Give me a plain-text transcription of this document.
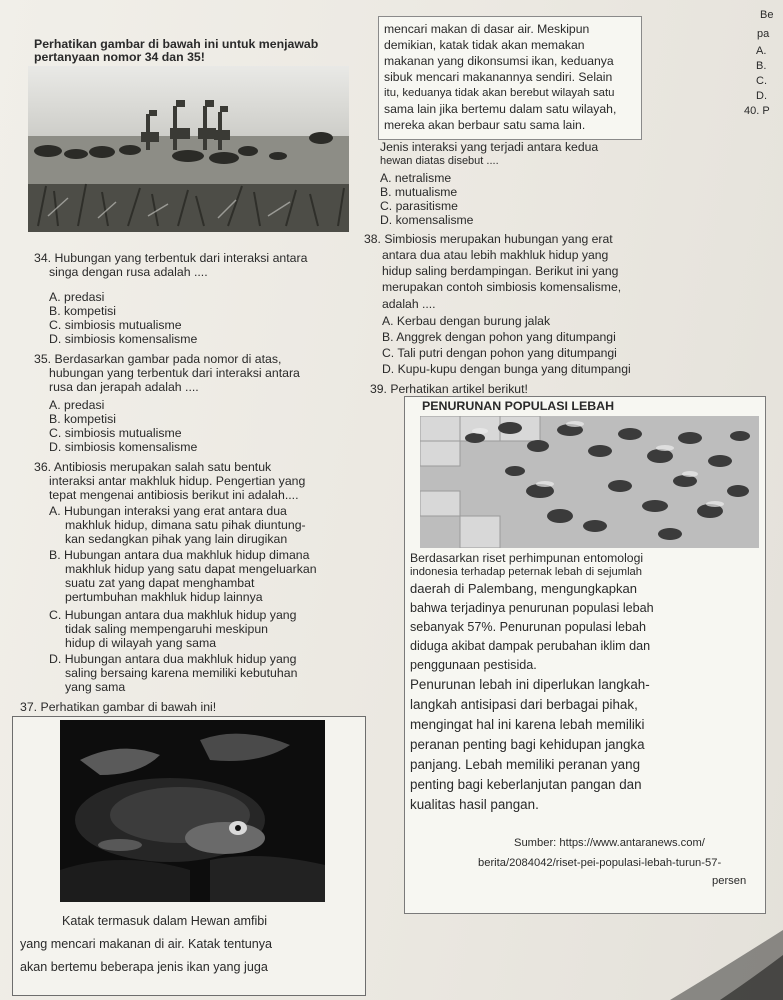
Perhatikan gambar di bawah ini untuk menjawab
pertanyaan nomor 34 dan 35!
34. Hubungan yang terbentuk dari interaksi antara
singa dengan rusa adalah ....
A. predasi
B. kompetisi
C. simbiosis mutualisme
D. simbiosis komensalisme
35. Berdasarkan gambar pada nomor di atas,
hubungan yang terbentuk dari interaksi antara
rusa dan jerapah adalah ....
A. predasi
B. kompetisi
C. simbiosis mutualisme
D. simbiosis komensalisme
36. Antibiosis merupakan salah satu bentuk
interaksi antar makhluk hidup. Pengertian yang
tepat mengenai antibiosis berikut ini adalah....
A. Hubungan interaksi yang erat antara dua
makhluk hidup, dimana satu pihak diuntung-
kan sedangkan pihak yang lain dirugikan
B. Hubungan antara dua makhluk hidup dimana
makhluk hidup yang satu dapat mengeluarkan
suatu zat yang dapat menghambat
pertumbuhan makhluk hidup lainnya
C. Hubungan antara dua makhluk hidup yang
tidak saling mempengaruhi meskipun
hidup di wilayah yang sama
D. Hubungan antara dua makhluk hidup yang
saling bersaing karena memiliki kebutuhan
yang sama
37. Perhatikan gambar di bawah ini!
Katak termasuk dalam Hewan amfibi
yang mencari makanan di air. Katak tentunya
akan bertemu beberapa jenis ikan yang juga
mencari makan di dasar air. Meskipun
demikian, katak tidak akan memakan
makanan yang dikonsumsi ikan, keduanya
sibuk mencari makanannya sendiri. Selain
itu, keduanya tidak akan berebut wilayah satu
sama lain jika bertemu dalam satu wilayah,
mereka akan berbaur satu sama lain.
Jenis interaksi yang terjadi antara kedua
hewan diatas disebut ....
A. netralisme
B. mutualisme
C. parasitisme
D. komensalisme
38. Simbiosis merupakan hubungan yang erat
antara dua atau lebih makhluk hidup yang
hidup saling berdampingan. Berikut ini yang
merupakan contoh simbiosis komensalisme,
adalah ....
A. Kerbau dengan burung jalak
B. Anggrek dengan pohon yang ditumpangi
C. Tali putri dengan pohon yang ditumpangi
D. Kupu-kupu dengan bunga yang ditumpangi
39. Perhatikan artikel berikut!
PENURUNAN POPULASI LEBAH
Berdasarkan riset perhimpunan entomologi
indonesia terhadap peternak lebah di sejumlah
daerah di Palembang, mengungkapkan
bahwa terjadinya penurunan populasi lebah
sebanyak 57%. Penurunan populasi lebah
diduga akibat dampak perubahan iklim dan
penggunaan pestisida.
Penurunan lebah ini diperlukan langkah-
langkah antisipasi dari berbagai pihak,
mengingat hal ini karena lebah memiliki
peranan penting bagi kehidupan jangka
panjang. Lebah memiliki peranan yang
penting bagi keberlanjutan pangan dan
kualitas hasil pangan.
Sumber: https://www.antaranews.com/
berita/2084042/riset-pei-populasi-lebah-turun-57-
persen
Be
pa
A.
B.
C.
D.
40. P
